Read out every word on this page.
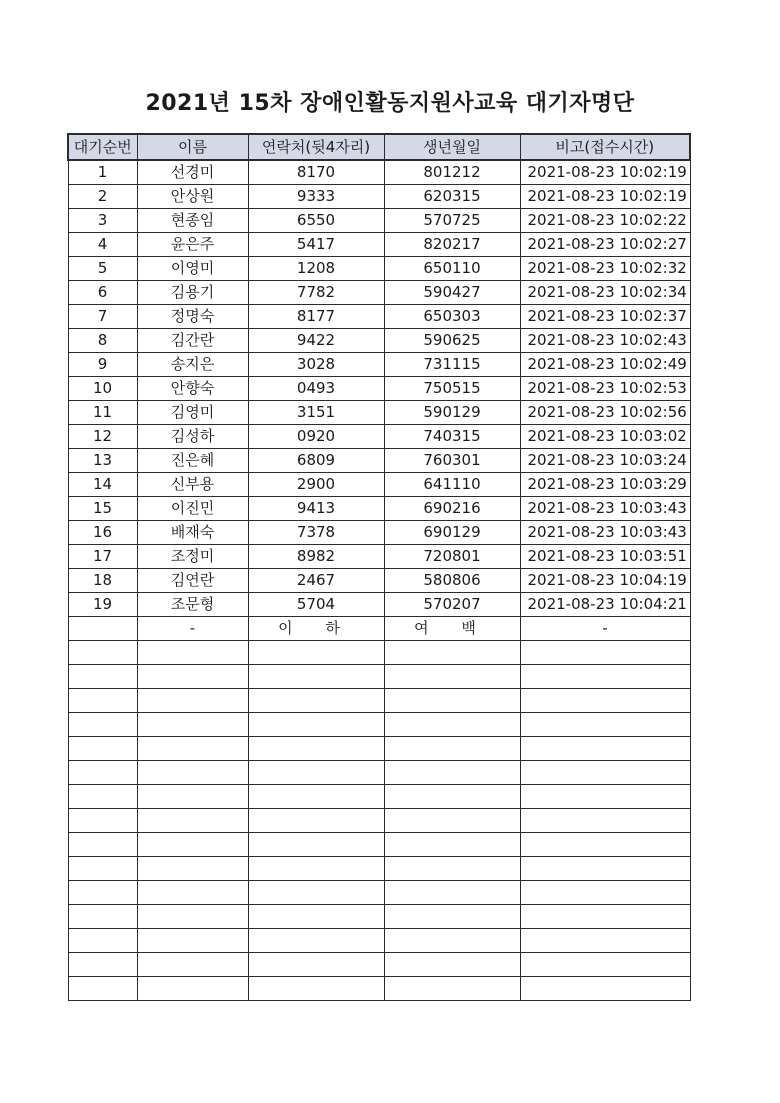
2021년 15차 장애인활동지원사교육 대기자명단
대기순번	이름	연락처(뒷4자리)	생년월일	비고(접수시간)
1	선경미	8170	801212	2021-08-23 10:02:19
2	안상원	9333	620315	2021-08-23 10:02:19
3	현종임	6550	570725	2021-08-23 10:02:22
4	윤은주	5417	820217	2021-08-23 10:02:27
5	이영미	1208	650110	2021-08-23 10:02:32
6	김용기	7782	590427	2021-08-23 10:02:34
7	정명숙	8177	650303	2021-08-23 10:02:37
8	김간란	9422	590625	2021-08-23 10:02:43
9	송지은	3028	731115	2021-08-23 10:02:49
10	안향숙	0493	750515	2021-08-23 10:02:53
11	김영미	3151	590129	2021-08-23 10:02:56
12	김성하	0920	740315	2021-08-23 10:03:02
13	진은혜	6809	760301	2021-08-23 10:03:24
14	신부용	2900	641110	2021-08-23 10:03:29
15	이진민	9413	690216	2021-08-23 10:03:43
16	배재숙	7378	690129	2021-08-23 10:03:43
17	조정미	8982	720801	2021-08-23 10:03:51
18	김연란	2467	580806	2021-08-23 10:04:19
19	조문형	5704	570207	2021-08-23 10:04:21
	-	이 하	여 백	-
